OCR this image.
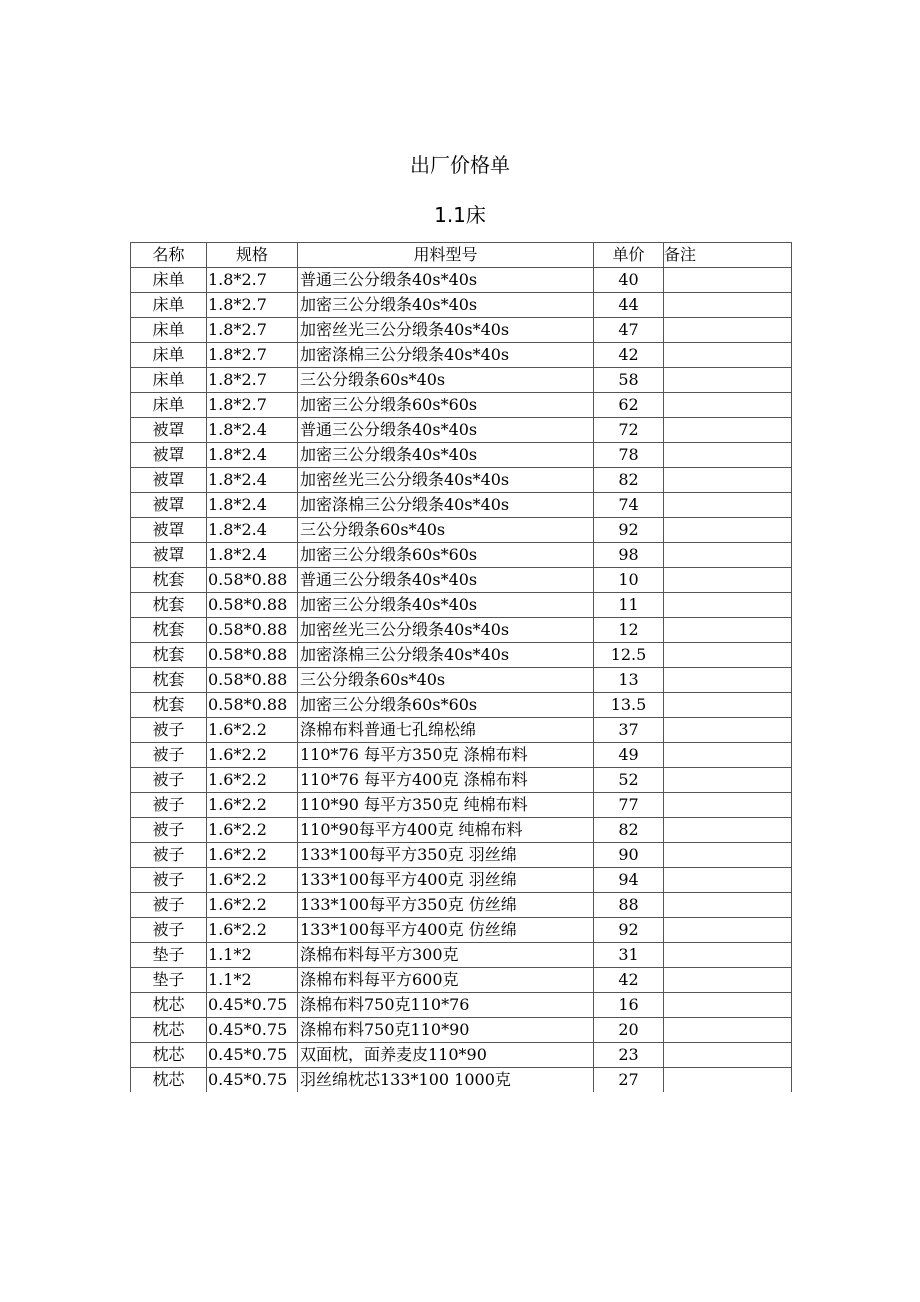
出厂价格单
1.1床
名称	规格	用料型号	单价	备注
床单	1.8*2.7	普通三公分缎条40s*40s	40	
床单	1.8*2.7	加密三公分缎条40s*40s	44	
床单	1.8*2.7	加密丝光三公分缎条40s*40s	47	
床单	1.8*2.7	加密涤棉三公分缎条40s*40s	42	
床单	1.8*2.7	三公分缎条60s*40s	58	
床单	1.8*2.7	加密三公分缎条60s*60s	62	
被罩	1.8*2.4	普通三公分缎条40s*40s	72	
被罩	1.8*2.4	加密三公分缎条40s*40s	78	
被罩	1.8*2.4	加密丝光三公分缎条40s*40s	82	
被罩	1.8*2.4	加密涤棉三公分缎条40s*40s	74	
被罩	1.8*2.4	三公分缎条60s*40s	92	
被罩	1.8*2.4	加密三公分缎条60s*60s	98	
枕套	0.58*0.88	普通三公分缎条40s*40s	10	
枕套	0.58*0.88	加密三公分缎条40s*40s	11	
枕套	0.58*0.88	加密丝光三公分缎条40s*40s	12	
枕套	0.58*0.88	加密涤棉三公分缎条40s*40s	12.5	
枕套	0.58*0.88	三公分缎条60s*40s	13	
枕套	0.58*0.88	加密三公分缎条60s*60s	13.5	
被子	1.6*2.2	涤棉布料普通七孔绵松绵	37	
被子	1.6*2.2	110*76 每平方350克 涤棉布料	49	
被子	1.6*2.2	110*76 每平方400克 涤棉布料	52	
被子	1.6*2.2	110*90 每平方350克 纯棉布料	77	
被子	1.6*2.2	110*90每平方400克 纯棉布料	82	
被子	1.6*2.2	133*100每平方350克 羽丝绵	90	
被子	1.6*2.2	133*100每平方400克 羽丝绵	94	
被子	1.6*2.2	133*100每平方350克 仿丝绵	88	
被子	1.6*2.2	133*100每平方400克 仿丝绵	92	
垫子	1.1*2	涤棉布料每平方300克	31	
垫子	1.1*2	涤棉布料每平方600克	42	
枕芯	0.45*0.75	涤棉布料750克110*76	16	
枕芯	0.45*0.75	涤棉布料750克110*90	20	
枕芯	0.45*0.75	双面枕，面养麦皮110*90	23	
枕芯	0.45*0.75	羽丝绵枕芯133*100 1000克	27	
